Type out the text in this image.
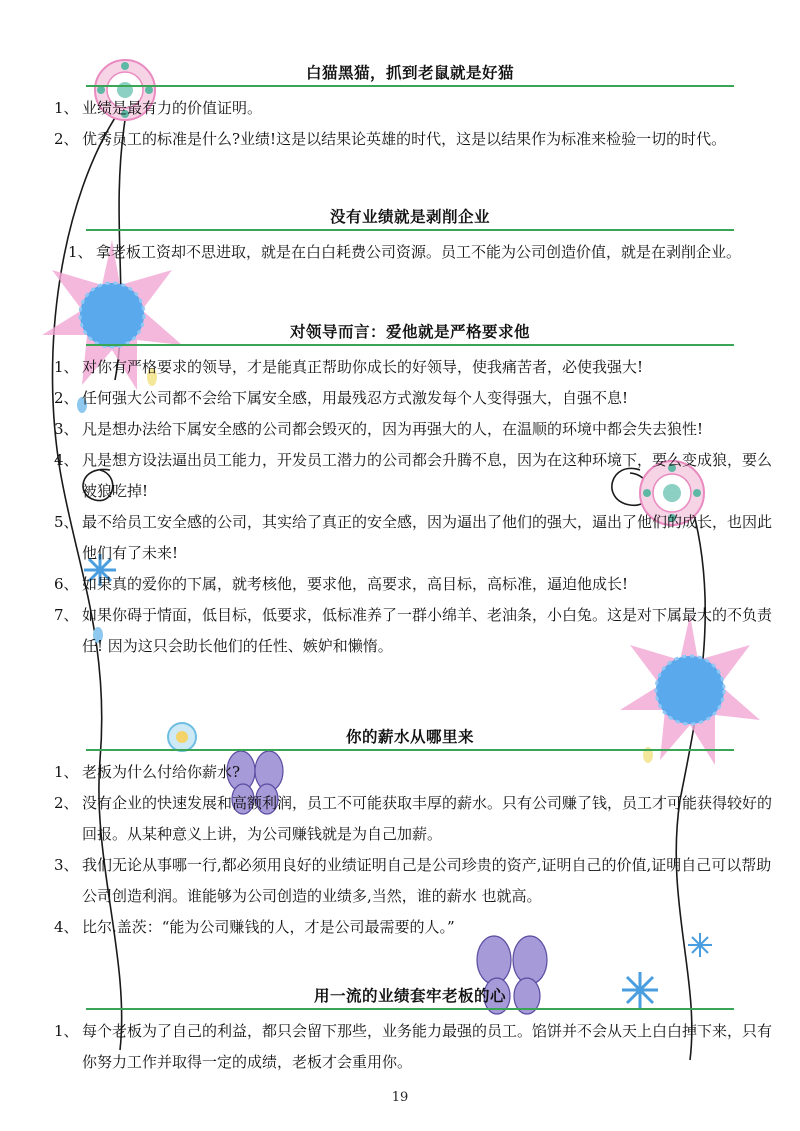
白猫黑猫，抓到老鼠就是好猫
1、 业绩是最有力的价值证明。
2、 优秀员工的标准是什么?业绩!这是以结果论英雄的时代，这是以结果作为标准来检验一切的时代。
没有业绩就是剥削企业
1、 拿老板工资却不思进取，就是在白白耗费公司资源。员工不能为公司创造价值，就是在剥削企业。
对领导而言：爱他就是严格要求他
1、 对你有严格要求的领导，才是能真正帮助你成长的好领导，使我痛苦者，必使我强大!
2、 任何强大公司都不会给下属安全感，用最残忍方式激发每个人变得强大，自强不息!
3、 凡是想办法给下属安全感的公司都会毁灭的，因为再强大的人，在温顺的环境中都会失去狼性!
4、 凡是想方设法逼出员工能力，开发员工潜力的公司都会升腾不息，因为在这种环境下，要么变成狼，要么被狼吃掉!
5、 最不给员工安全感的公司，其实给了真正的安全感，因为逼出了他们的强大，逼出了他们的成长，也因此他们有了未来!
6、 如果真的爱你的下属，就考核他，要求他，高要求，高目标，高标准，逼迫他成长!
7、 如果你碍于情面，低目标，低要求，低标准养了一群小绵羊、老油条，小白兔。这是对下属最大的不负责任! 因为这只会助长他们的任性、嫉妒和懒惰。
你的薪水从哪里来
1、 老板为什么付给你薪水?
2、 没有企业的快速发展和高额利润，员工不可能获取丰厚的薪水。只有公司赚了钱，员工才可能获得较好的回报。从某种意义上讲，为公司赚钱就是为自己加薪。
3、 我们无论从事哪一行,都必须用良好的业绩证明自己是公司珍贵的资产,证明自己的价值,证明自己可以帮助公司创造利润。谁能够为公司创造的业绩多,当然，谁的薪水 也就高。
4、 比尔.盖茨：“能为公司赚钱的人，才是公司最需要的人。”
用一流的业绩套牢老板的心
1、 每个老板为了自己的利益，都只会留下那些，业务能力最强的员工。馅饼并不会从天上白白掉下来，只有你努力工作并取得一定的成绩，老板才会重用你。
19
